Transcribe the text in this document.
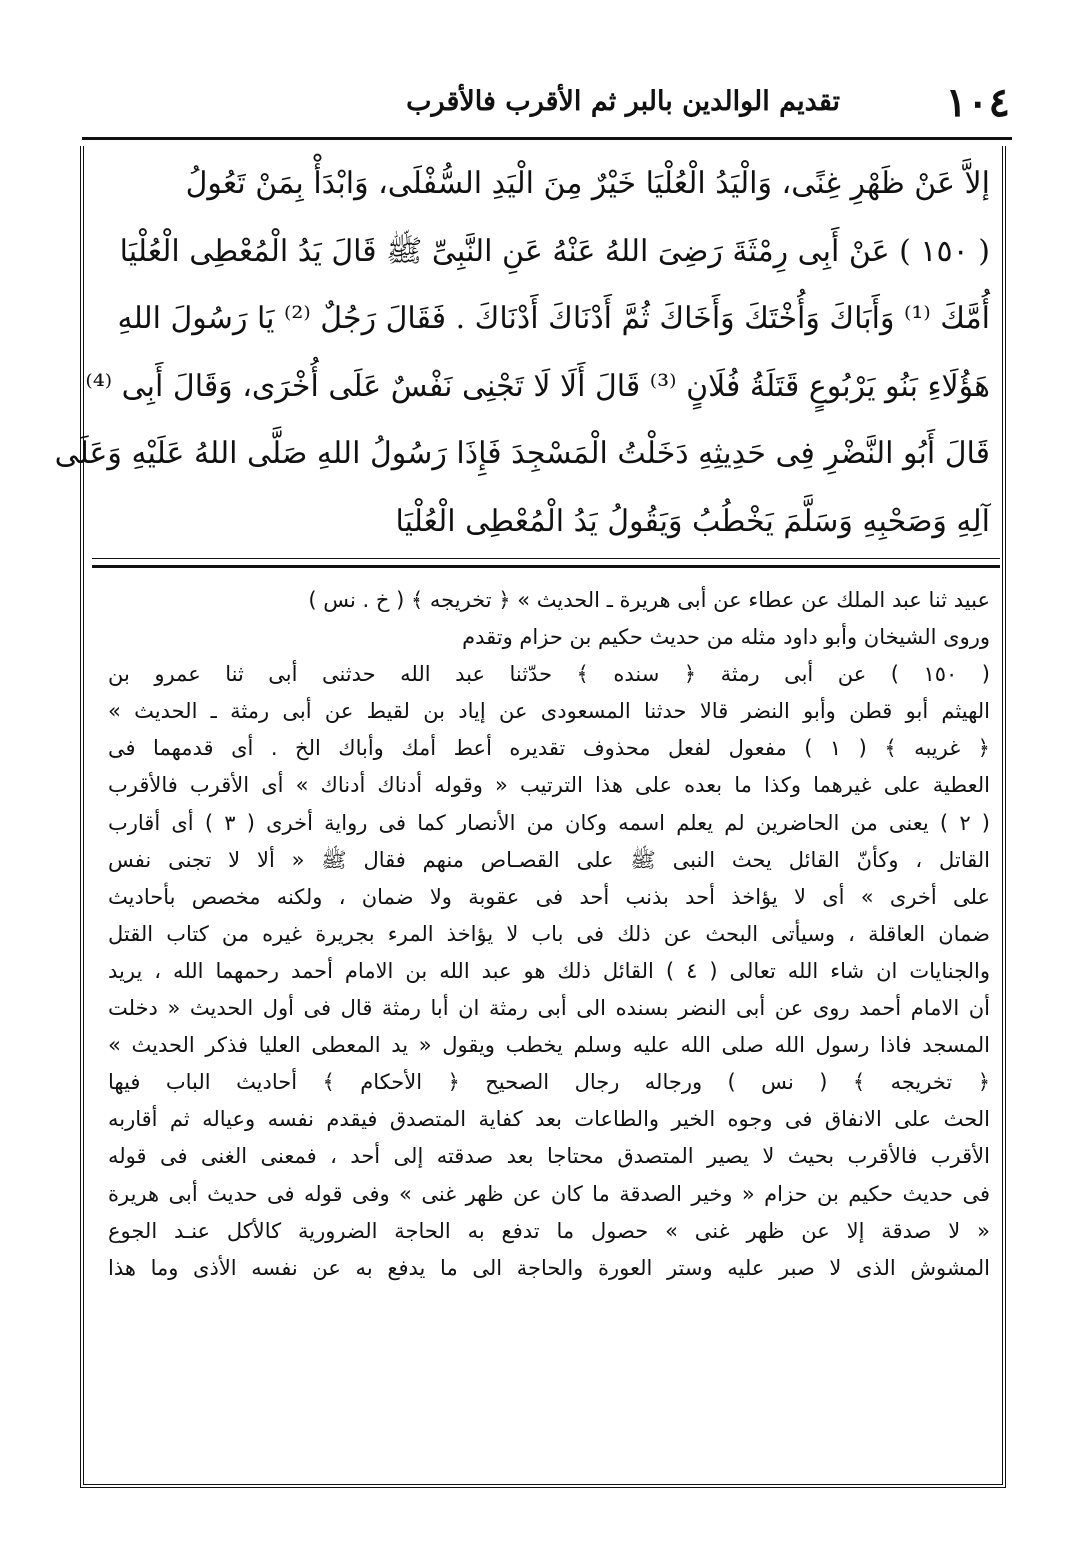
١٠٤
تقديم الوالدين بالبر ثم الأقرب فالأقرب
إلاَّ عَنْ ظَهْرِ غِنًى، وَالْيَدُ الْعُلْيَا خَيْرٌ مِنَ الْيَدِ السُّفْلَى، وَابْدَأْ بِمَنْ تَعُولُ
( ١٥٠ ) عَنْ أَبِى رِمْثَةَ رَضِىَ اللهُ عَنْهُ عَنِ النَّبِىِّ ﷺ قَالَ يَدُ الْمُعْطِى الْعُلْيَا
أُمَّكَ ⁽¹⁾ وَأَبَاكَ وَأُخْتَكَ وَأَخَاكَ ثُمَّ أَدْنَاكَ أَدْنَاكَ . فَقَالَ رَجُلٌ ⁽²⁾ يَا رَسُولَ اللهِ
هَؤُلَاءِ بَنُو يَرْبُوعٍ قَتَلَةُ فُلَانٍ ⁽³⁾ قَالَ أَلَا لَا تَجْنِى نَفْسٌ عَلَى أُخْرَى، وَقَالَ أَبِى ⁽⁴⁾
قَالَ أَبُو النَّضْرِ فِى حَدِيثِهِ دَخَلْتُ الْمَسْجِدَ فَإِذَا رَسُولُ اللهِ صَلَّى اللهُ عَلَيْهِ وَعَلَى
آلِهِ وَصَحْبِهِ وَسَلَّمَ يَخْطُبُ وَيَقُولُ يَدُ الْمُعْطِى الْعُلْيَا
عبيد ثنا عبد الملك عن عطاء عن أبى هريرة ـ الحديث » ﴿ تخريجه ﴾ ( خ . نس )
وروى الشيخان وأبو داود مثله من حديث حكيم بن حزام وتقدم
( ١٥٠ ) عن أبى رمثة ﴿ سنده ﴾ حدّثنا عبد الله حدثنى أبى ثنا عمرو بن
الهيثم أبو قطن وأبو النضر قالا حدثنا المسعودى عن إياد بن لقيط عن أبى رمثة ـ الحديث »
﴿ غريبه ﴾ ( ١ ) مفعول لفعل محذوف تقديره أعط أمك وأباك الخ . أى قدمهما فى
العطية على غيرهما وكذا ما بعده على هذا الترتيب « وقوله أدناك أدناك » أى الأقرب فالأقرب
( ٢ ) يعنى من الحاضرين لم يعلم اسمه وكان من الأنصار كما فى رواية أخرى ( ٣ ) أى أقارب
القاتل ، وكأنّ القائل يحث النبى ﷺ على القصـاص منهم فقال ﷺ « ألا لا تجنى نفس
على أخرى » أى لا يؤاخذ أحد بذنب أحد فى عقوبة ولا ضمان ، ولكنه مخصص بأحاديث
ضمان العاقلة ، وسيأتى البحث عن ذلك فى باب لا يؤاخذ المرء بجريرة غيره من كتاب القتل
والجنايات ان شاء الله تعالى ( ٤ ) القائل ذلك هو عبد الله بن الامام أحمد رحمهما الله ، يريد
أن الامام أحمد روى عن أبى النضر بسنده الى أبى رمثة ان أبا رمثة قال فى أول الحديث « دخلت
المسجد فاذا رسول الله صلى الله عليه وسلم يخطب ويقول « يد المعطى العليا فذكر الحديث »
﴿ تخريجه ﴾ ( نس ) ورجاله رجال الصحيح ﴿ الأحكام ﴾ أحاديث الباب فيها
الحث على الانفاق فى وجوه الخير والطاعات بعد كفاية المتصدق فيقدم نفسه وعياله ثم أقاربه
الأقرب فالأقرب بحيث لا يصير المتصدق محتاجا بعد صدقته إلى أحد ، فمعنى الغنى فى قوله
فى حديث حكيم بن حزام « وخير الصدقة ما كان عن ظهر غنى » وفى قوله فى حديث أبى هريرة
« لا صدقة إلا عن ظهر غنى » حصول ما تدفع به الحاجة الضرورية كالأكل عنـد الجوع
المشوش الذى لا صبر عليه وستر العورة والحاجة الى ما يدفع به عن نفسه الأذى وما هذا
